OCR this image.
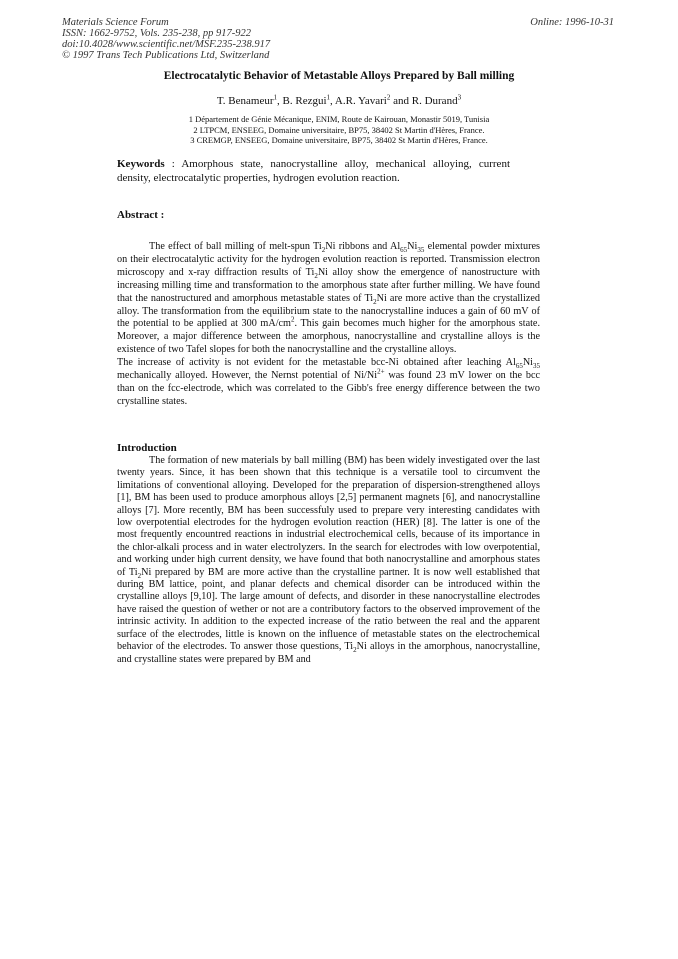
Materials Science Forum
ISSN: 1662-9752, Vols. 235-238, pp 917-922
doi:10.4028/www.scientific.net/MSF.235-238.917
© 1997 Trans Tech Publications Ltd, Switzerland
Online: 1996-10-31
Electrocatalytic Behavior of Metastable Alloys Prepared by Ball milling
T. Benameur$^1$, B. Rezgui$^1$, A.R. Yavari$^2$ and R. Durand$^3$
1 Département de Génie Mécanique, ENIM, Route de Kairouan, Monastir 5019, Tunisia
2 LTPCM, ENSEEG, Domaine universitaire, BP75, 38402 St Martin d'Hères, France.
3 CREMGP, ENSEEG, Domaine universitaire, BP75, 38402 St Martin d'Hères, France.
Keywords : Amorphous state, nanocrystalline alloy, mechanical alloying, current density, electrocatalytic properties, hydrogen evolution reaction.
Abstract :

The effect of ball milling of melt-spun $Ti_2Ni$ ribbons and $Al_{65}Ni_{35}$ elemental powder mixtures on their electrocatalytic activity for the hydrogen evolution reaction is reported. Transmission electron microscopy and x-ray diffraction results of $Ti_2Ni$ alloy show the emergence of nanostructure with increasing milling time and transformation to the amorphous state after further milling. We have found that the nanostructured and amorphous metastable states of $Ti_2Ni$ are more active than the crystallized alloy. The transformation from the equilibrium state to the nanocrystalline induces a gain of 60 mV of the potential to be applied at 300 $mA/cm^2$. This gain becomes much higher for the amorphous state. Moreover, a major difference between the amorphous, nanocrystalline and crystalline alloys is the existence of two Tafel slopes for both the nanocrystalline and the crystalline alloys.

The increase of activity is not evident for the metastable bcc-Ni obtained after leaching $Al_{65}Ni_{35}$ mechanically alloyed. However, the Nernst potential of $Ni/Ni^{2+}$ was found 23 mV lower on the bcc than on the fcc-electrode, which was correlated to the Gibb's free energy difference between the two crystalline states.

Introduction

The formation of new materials by ball milling (BM) has been widely investigated over the last twenty years. Since, it has been shown that this technique is a versatile tool to circumvent the limitations of conventional alloying. Developed for the preparation of dispersion-strengthened alloys [1], BM has been used to produce amorphous alloys [2,5] permanent magnets [6], and nanocrystalline alloys [7]. More recently, BM has been successfuly used to prepare very interesting candidates with low overpotential electrodes for the hydrogen evolution reaction (HER) [8]. The latter is one of the most frequently encountred reactions in industrial electrochemical cells, because of its importance in the chlor-alkali process and in water electrolyzers. In the search for electrodes with low overpotential, and working under high current density, we have found that both nanocrystalline and amorphous states of $Ti_2Ni$ prepared by BM are more active than the crystalline partner. It is now well established that during BM lattice, point, and planar defects and chemical disorder can be introduced within the crystalline alloys [9,10]. The large amount of defects, and disorder in these nanocrystalline electrodes have raised the question of wether or not are a contributory factors to the observed improvement of the intrinsic activity. In addition to the expected increase of the ratio between the real and the apparent surface of the electrodes, little is known on the influence of metastable states on the electrochemical behavior of the electrodes. To answer those questions, $Ti_2Ni$ alloys in the amorphous, nanocrystalline, and crystalline states were prepared by BM and
